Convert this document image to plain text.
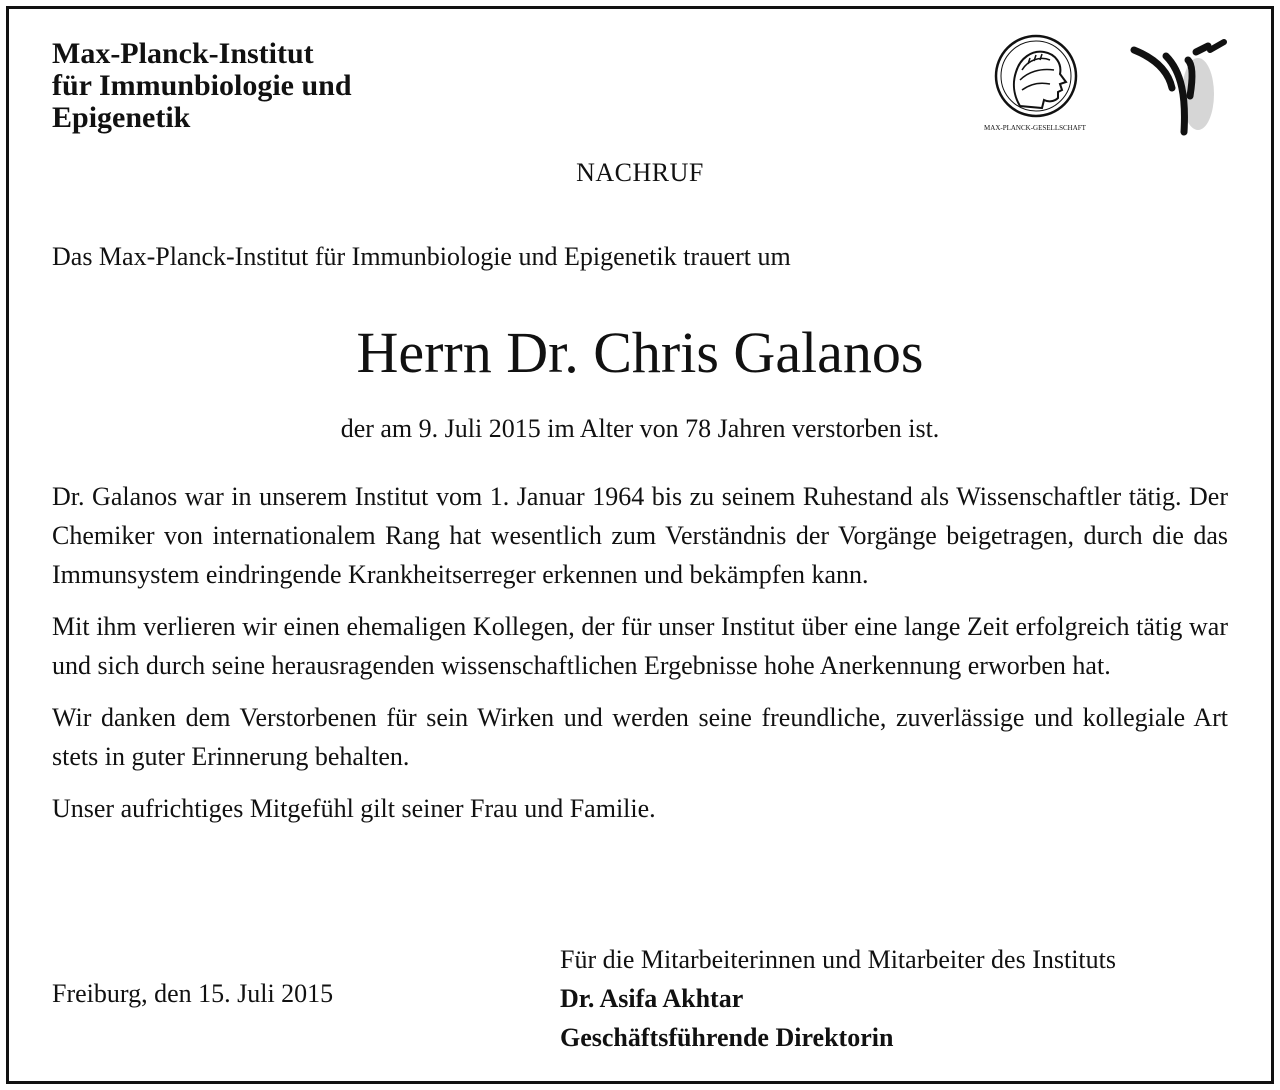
Max-Planck-Institut
für Immunbiologie und
Epigenetik	MAX-PLANCK-GESELLSCHAFT
NACHRUF
Das Max-Planck-Institut für Immunbiologie und Epigenetik trauert um
Herrn Dr. Chris Galanos
der am 9. Juli 2015 im Alter von 78 Jahren verstorben ist.

Dr. Galanos war in unserem Institut vom 1. Januar 1964 bis zu seinem Ruhestand als Wissenschaftler tätig. Der Chemiker von internationalem Rang hat wesentlich zum Verständnis der Vorgänge beigetragen, durch die das Immunsystem eindringende Krankheitserreger erkennen und bekämpfen kann.

Mit ihm verlieren wir einen ehemaligen Kollegen, der für unser Institut über eine lange Zeit erfolgreich tätig war und sich durch seine herausragenden wissenschaftlichen Ergebnisse hohe Anerkennung erworben hat.

Wir danken dem Verstorbenen für sein Wirken und werden seine freundliche, zuverlässige und kollegiale Art stets in guter Erinnerung behalten.

Unser aufrichtiges Mitgefühl gilt seiner Frau und Familie.

Freiburg, den 15. Juli 2015
Für die Mitarbeiterinnen und Mitarbeiter des Instituts
Dr. Asifa Akhtar
Geschäftsführende Direktorin
